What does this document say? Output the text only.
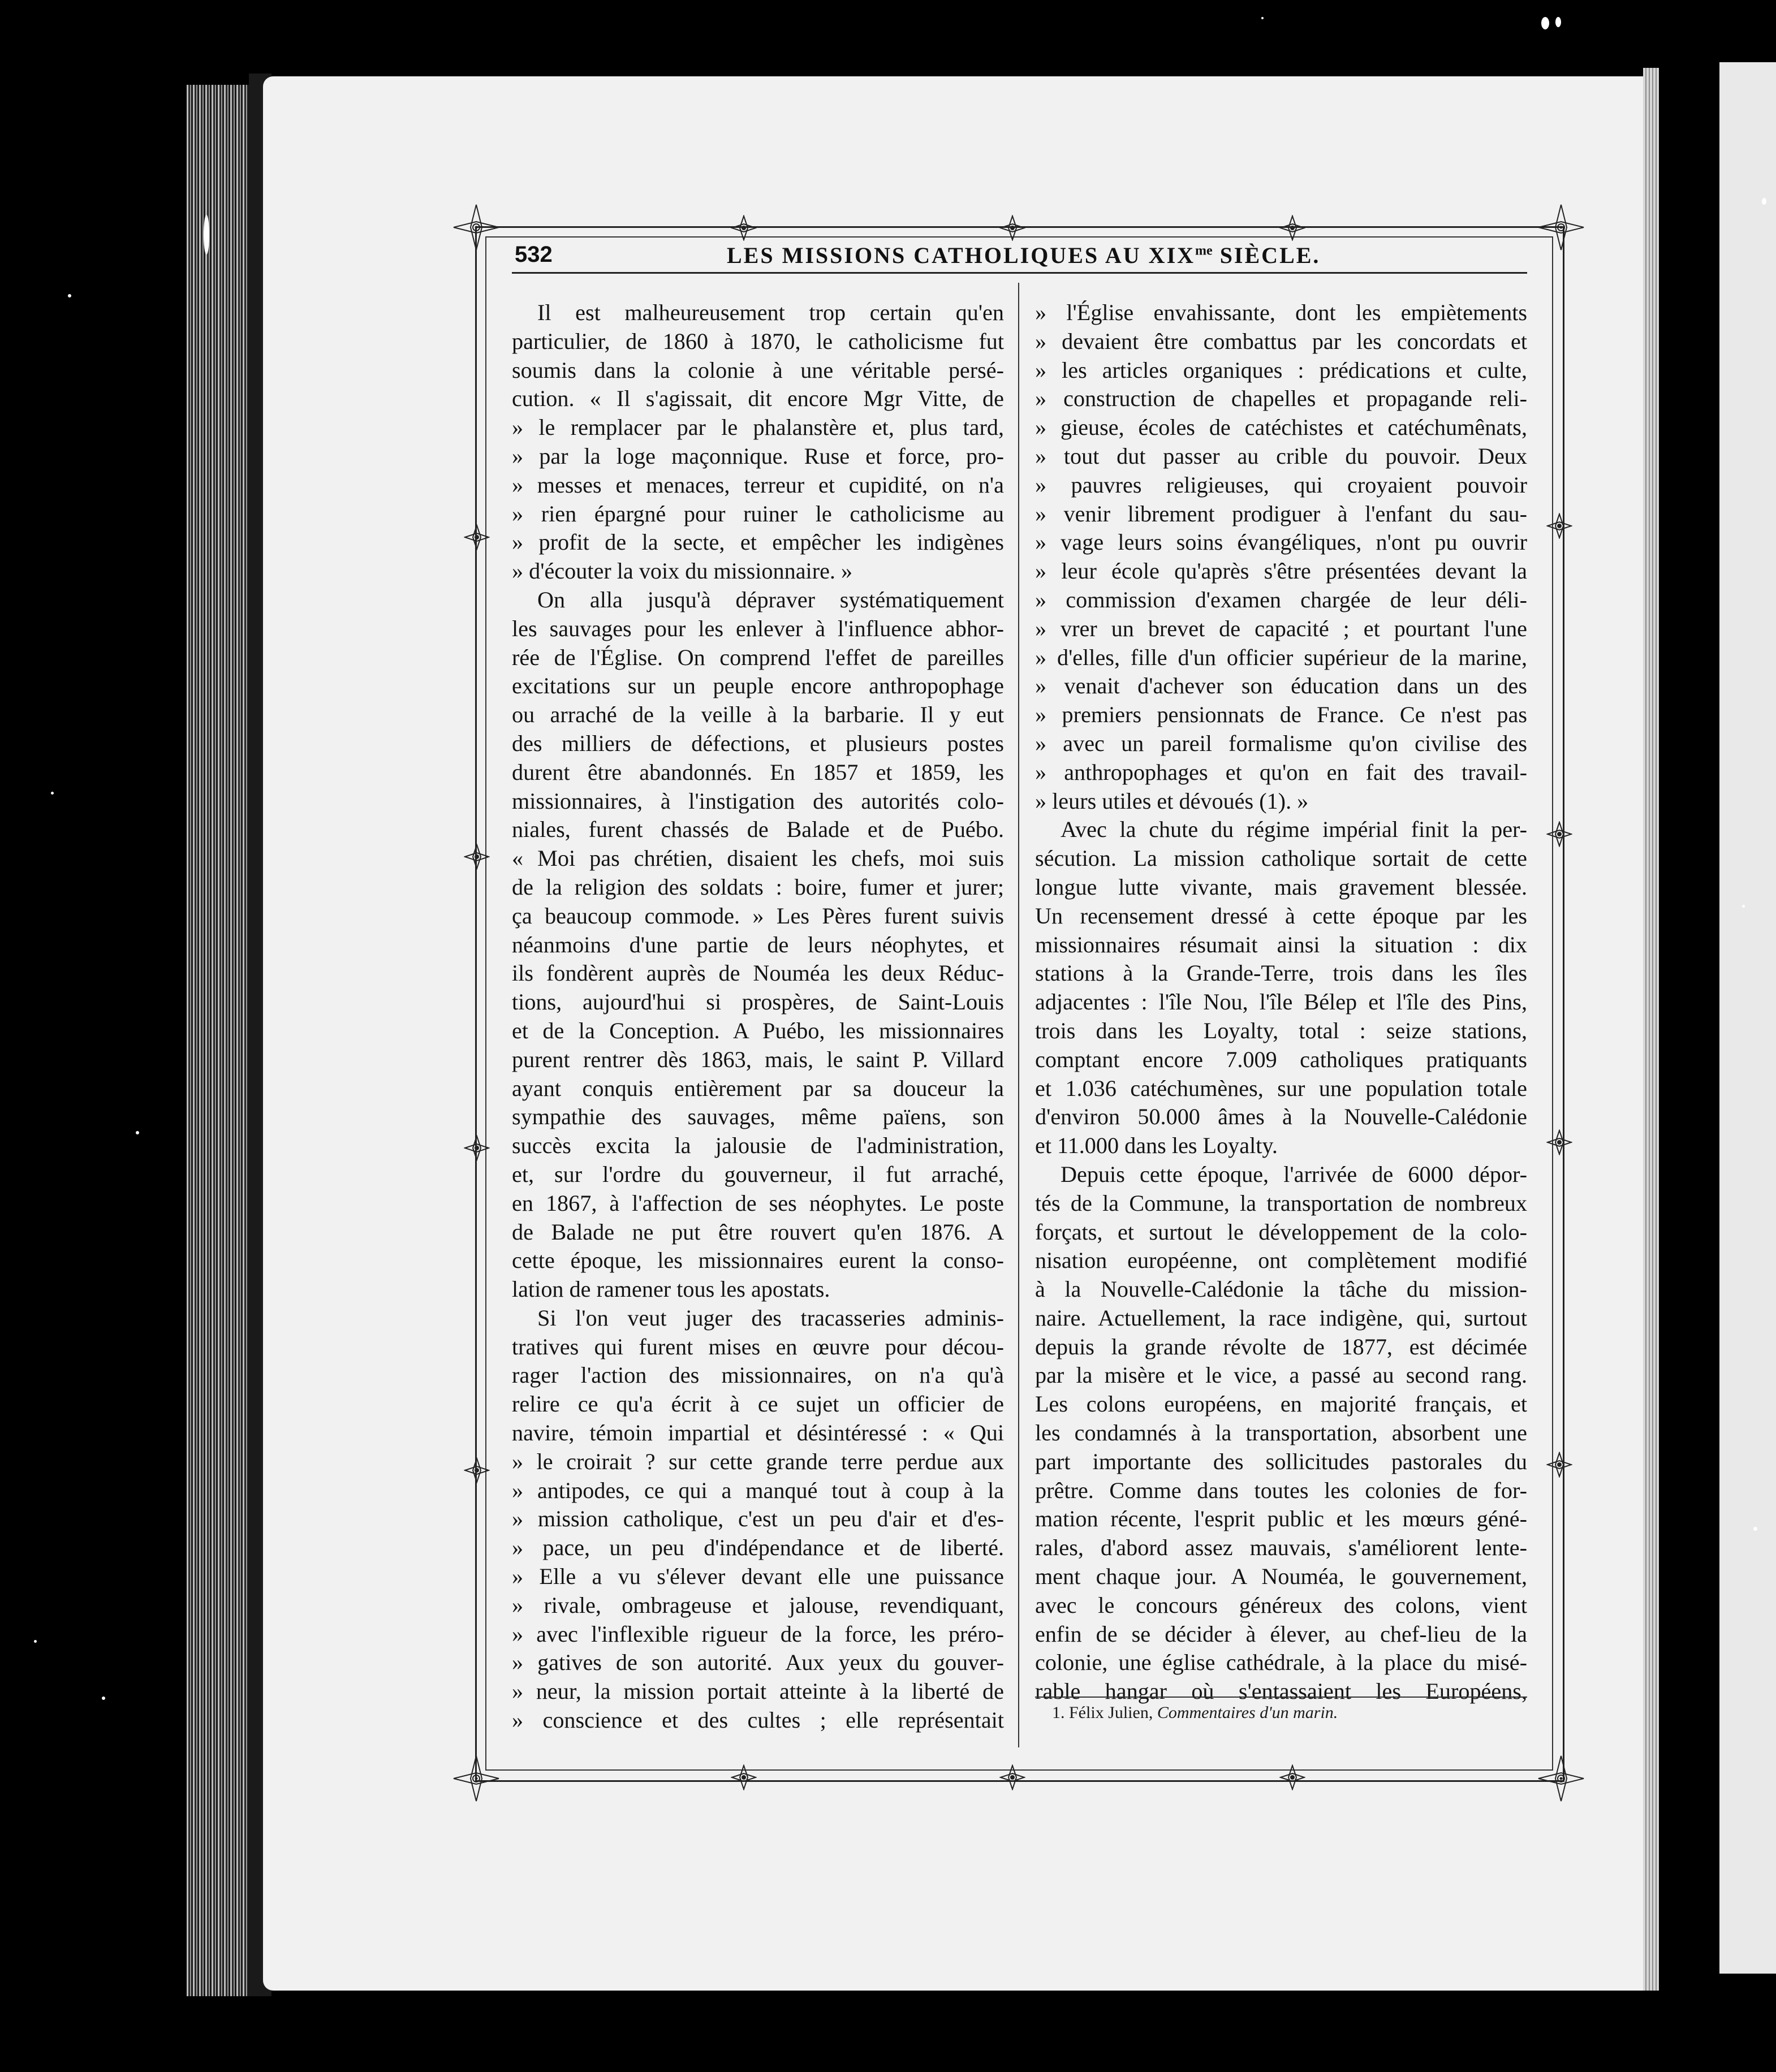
532	LES MISSIONS CATHOLIQUES AU $XIX^{me}$ SIÈCLE.
Il est malheureusement trop certain qu'en
particulier, de 1860 à 1870, le catholicisme fut
soumis dans la colonie à une véritable persé-
cution. « Il s'agissait, dit encore Mgr Vitte, de
» le remplacer par le phalanstère et, plus tard,
» par la loge maçonnique. Ruse et force, pro-
» messes et menaces, terreur et cupidité, on n'a
» rien épargné pour ruiner le catholicisme au
» profit de la secte, et empêcher les indigènes
» d'écouter la voix du missionnaire. »
On alla jusqu'à dépraver systématiquement
les sauvages pour les enlever à l'influence abhor-
rée de l'Église. On comprend l'effet de pareilles
excitations sur un peuple encore anthropophage
ou arraché de la veille à la barbarie. Il y eut
des milliers de défections, et plusieurs postes
durent être abandonnés. En 1857 et 1859, les
missionnaires, à l'instigation des autorités colo-
niales, furent chassés de Balade et de Puébo.
« Moi pas chrétien, disaient les chefs, moi suis
de la religion des soldats : boire, fumer et jurer;
ça beaucoup commode. » Les Pères furent suivis
néanmoins d'une partie de leurs néophytes, et
ils fondèrent auprès de Nouméa les deux Réduc-
tions, aujourd'hui si prospères, de Saint-Louis
et de la Conception. A Puébo, les missionnaires
purent rentrer dès 1863, mais, le saint P. Villard
ayant conquis entièrement par sa douceur la
sympathie des sauvages, même païens, son
succès excita la jalousie de l'administration,
et, sur l'ordre du gouverneur, il fut arraché,
en 1867, à l'affection de ses néophytes. Le poste
de Balade ne put être rouvert qu'en 1876. A
cette époque, les missionnaires eurent la conso-
lation de ramener tous les apostats.
Si l'on veut juger des tracasseries adminis-
tratives qui furent mises en œuvre pour décou-
rager l'action des missionnaires, on n'a qu'à
relire ce qu'a écrit à ce sujet un officier de
navire, témoin impartial et désintéressé : « Qui
» le croirait ? sur cette grande terre perdue aux
» antipodes, ce qui a manqué tout à coup à la
» mission catholique, c'est un peu d'air et d'es-
» pace, un peu d'indépendance et de liberté.
» Elle a vu s'élever devant elle une puissance
» rivale, ombrageuse et jalouse, revendiquant,
» avec l'inflexible rigueur de la force, les préro-
» gatives de son autorité. Aux yeux du gouver-
» neur, la mission portait atteinte à la liberté de
» conscience et des cultes ; elle représentait
» l'Église envahissante, dont les empiètements
» devaient être combattus par les concordats et
» les articles organiques : prédications et culte,
» construction de chapelles et propagande reli-
» gieuse, écoles de catéchistes et catéchumênats,
» tout dut passer au crible du pouvoir. Deux
» pauvres religieuses, qui croyaient pouvoir
» venir librement prodiguer à l'enfant du sau-
» vage leurs soins évangéliques, n'ont pu ouvrir
» leur école qu'après s'être présentées devant la
» commission d'examen chargée de leur déli-
» vrer un brevet de capacité ; et pourtant l'une
» d'elles, fille d'un officier supérieur de la marine,
» venait d'achever son éducation dans un des
» premiers pensionnats de France. Ce n'est pas
» avec un pareil formalisme qu'on civilise des
» anthropophages et qu'on en fait des travail-
» leurs utiles et dévoués (1). »
Avec la chute du régime impérial finit la per-
sécution. La mission catholique sortait de cette
longue lutte vivante, mais gravement blessée.
Un recensement dressé à cette époque par les
missionnaires résumait ainsi la situation : dix
stations à la Grande-Terre, trois dans les îles
adjacentes : l'île Nou, l'île Bélep et l'île des Pins,
trois dans les Loyalty, total : seize stations,
comptant encore 7.009 catholiques pratiquants
et 1.036 catéchumènes, sur une population totale
d'environ 50.000 âmes à la Nouvelle-Calédonie
et 11.000 dans les Loyalty.
Depuis cette époque, l'arrivée de 6000 dépor-
tés de la Commune, la transportation de nombreux
forçats, et surtout le développement de la colo-
nisation européenne, ont complètement modifié
à la Nouvelle-Calédonie la tâche du mission-
naire. Actuellement, la race indigène, qui, surtout
depuis la grande révolte de 1877, est décimée
par la misère et le vice, a passé au second rang.
Les colons européens, en majorité français, et
les condamnés à la transportation, absorbent une
part importante des sollicitudes pastorales du
prêtre. Comme dans toutes les colonies de for-
mation récente, l'esprit public et les mœurs géné-
rales, d'abord assez mauvais, s'améliorent lente-
ment chaque jour. A Nouméa, le gouvernement,
avec le concours généreux des colons, vient
enfin de se décider à élever, au chef-lieu de la
colonie, une église cathédrale, à la place du misé-
rable hangar où s'entassaient les Européens,
1. Félix Julien, Commentaires d'un marin.
